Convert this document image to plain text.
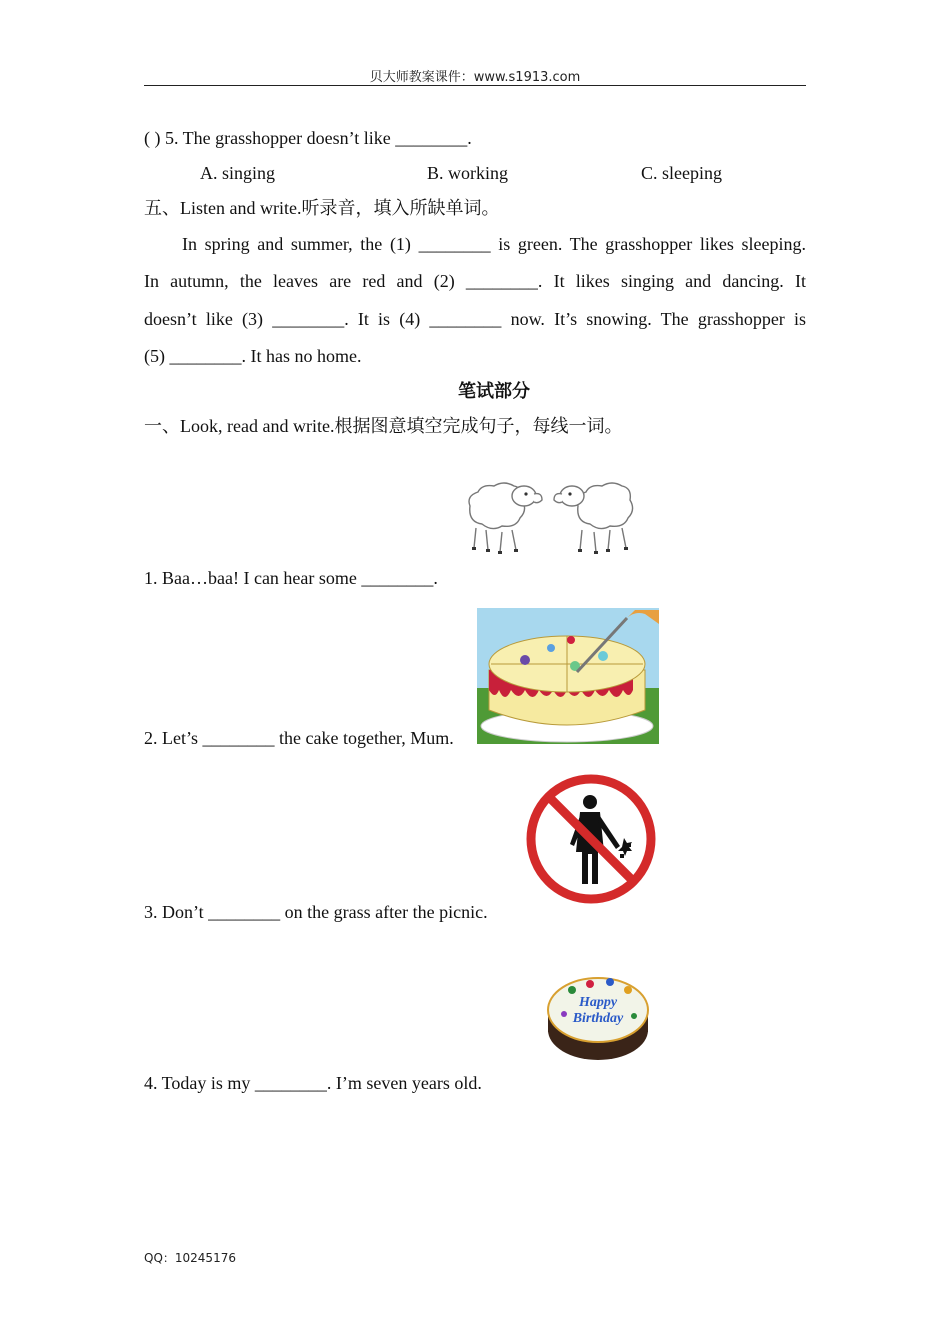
贝大师教案课件：www.s1913.com
( ) 5. The grasshopper doesn’t like ________.
A. singing	B. working	C. sleeping
五、Listen and write.听录音，填入所缺单词。
In spring and summer, the (1) ________ is green. The grasshopper likes sleeping.
In autumn, the leaves are red and (2) ________. It likes singing and dancing. It
doesn’t like (3) ________. It is (4) ________ now. It’s snowing. The grasshopper is
(5) ________. It has no home.
笔试部分
一、Look, read and write.根据图意填空完成句子，每线一词。
1. Baa…baa! I can hear some ________.
2. Let’s ________ the cake together, Mum.
3. Don’t ________ on the grass after the picnic.
Happy
Birthday
4. Today is my ________. I’m seven years old.
QQ：10245176
